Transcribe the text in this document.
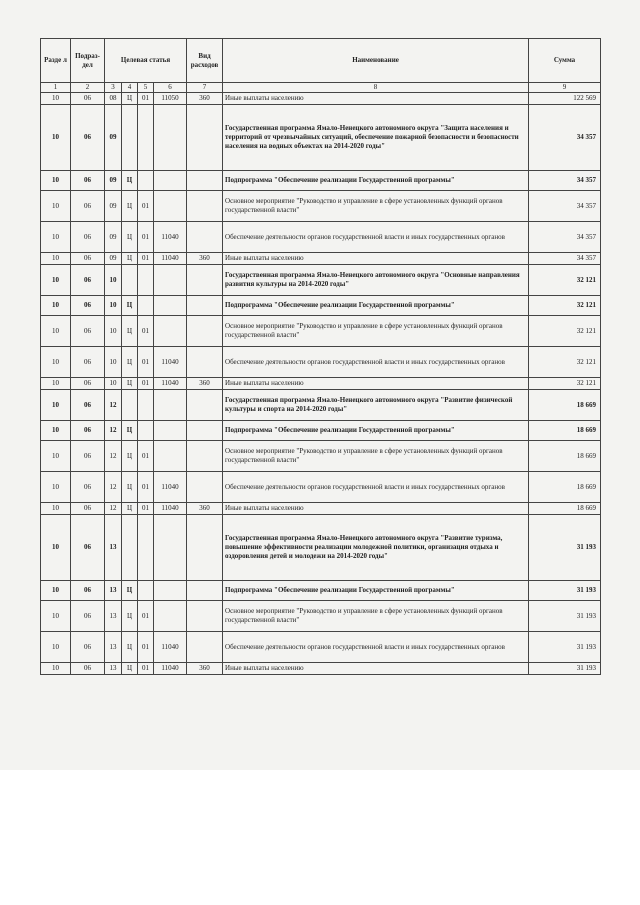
Разде л	Подраз- дел	Целевая статья				Вид расходов	Наименование	Сумма
1	2	3	4	5	6	7	8	9
10	06	08	Ц	01	11050	360	Иные выплаты населению	122 569
10	06	09					Государственная программа Ямало-Ненецкого автономного округа "Защита населения и территорий от чрезвычайных ситуаций, обеспечение пожарной безопасности и безопасности населения на водных объектах на 2014-2020 годы"	34 357
10	06	09	Ц				Подпрограмма "Обеспечение реализации Государственной программы"	34 357
10	06	09	Ц	01			Основное мероприятие "Руководство и управление в сфере установленных функций органов государственной власти"	34 357
10	06	09	Ц	01	11040		Обеспечение деятельности органов государственной власти и иных государственных органов	34 357
10	06	09	Ц	01	11040	360	Иные выплаты населению	34 357
10	06	10					Государственная программа Ямало-Ненецкого автономного округа "Основные направления развития культуры на 2014-2020 годы"	32 121
10	06	10	Ц				Подпрограмма "Обеспечение реализации Государственной программы"	32 121
10	06	10	Ц	01			Основное мероприятие "Руководство и управление в сфере установленных функций органов государственной власти"	32 121
10	06	10	Ц	01	11040		Обеспечение деятельности органов государственной власти и иных государственных органов	32 121
10	06	10	Ц	01	11040	360	Иные выплаты населению	32 121
10	06	12					Государственная программа Ямало-Ненецкого автономного округа "Развитие физической культуры и спорта на 2014-2020 годы"	18 669
10	06	12	Ц				Подпрограмма "Обеспечение реализации Государственной программы"	18 669
10	06	12	Ц	01			Основное мероприятие "Руководство и управление в сфере установленных функций органов государственной власти"	18 669
10	06	12	Ц	01	11040		Обеспечение деятельности органов государственной власти и иных государственных органов	18 669
10	06	12	Ц	01	11040	360	Иные выплаты населению	18 669
10	06	13					Государственная программа Ямало-Ненецкого автономного округа "Развитие туризма, повышение эффективности реализации молодежной политики, организация отдыха и оздоровления детей и молодежи на 2014-2020 годы"	31 193
10	06	13	Ц				Подпрограмма "Обеспечение реализации Государственной программы"	31 193
10	06	13	Ц	01			Основное мероприятие "Руководство и управление в сфере установленных функций органов государственной власти"	31 193
10	06	13	Ц	01	11040		Обеспечение деятельности органов государственной власти и иных государственных органов	31 193
10	06	13	Ц	01	11040	360	Иные выплаты населению	31 193
